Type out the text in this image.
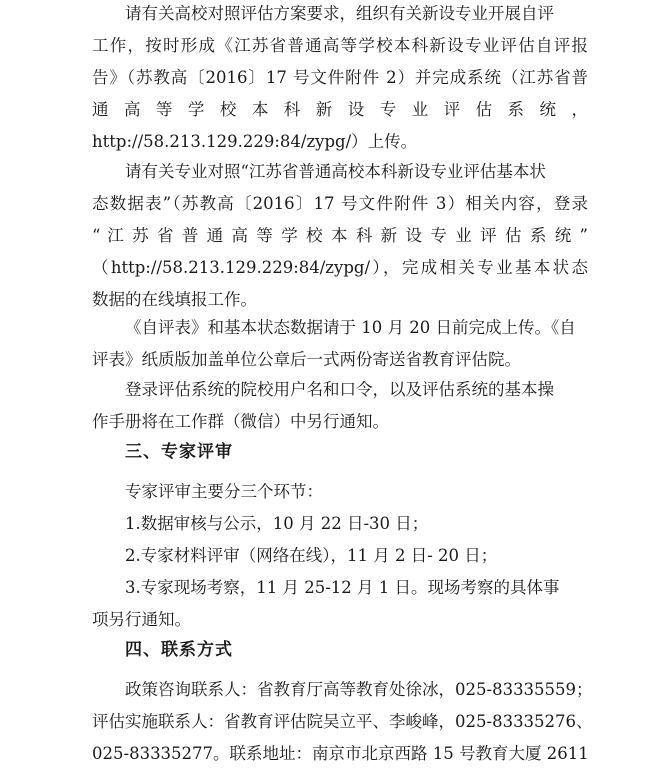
请有关高校对照评估方案要求，组织有关新设专业开展自评
工作，按时形成《江苏省普通高等学校本科新设专业评估自评报
告》（苏教高〔2016〕17 号文件附件 2）并完成系统（江苏省普
通 高 等 学 校 本 科 新 设 专 业 评 估 系 统 ，
http://58.213.129.229:84/zypg/）上传。
请有关专业对照“江苏省普通高校本科新设专业评估基本状
态数据表”（苏教高〔2016〕17 号文件附件 3）相关内容，登录
“ 江 苏 省 普 通 高 等 学 校 本 科 新 设 专 业 评 估 系 统 ”
（http://58.213.129.229:84/zypg/），完成相关专业基本状态
数据的在线填报工作。
《自评表》和基本状态数据请于 10 月 20 日前完成上传。《自
评表》纸质版加盖单位公章后一式两份寄送省教育评估院。
登录评估系统的院校用户名和口令，以及评估系统的基本操
作手册将在工作群（微信）中另行通知。
三、专家评审
专家评审主要分三个环节：
1.数据审核与公示，10 月 22 日-30 日；
2.专家材料评审（网络在线），11 月 2 日- 20 日；
3.专家现场考察，11 月 25-12 月 1 日。现场考察的具体事
项另行通知。
四、联系方式
政策咨询联系人：省教育厅高等教育处徐冰，025-83335559；
评估实施联系人：省教育评估院吴立平、李峻峰，025-83335276、
025-83335277。联系地址：南京市北京西路 15 号教育大厦 2611
